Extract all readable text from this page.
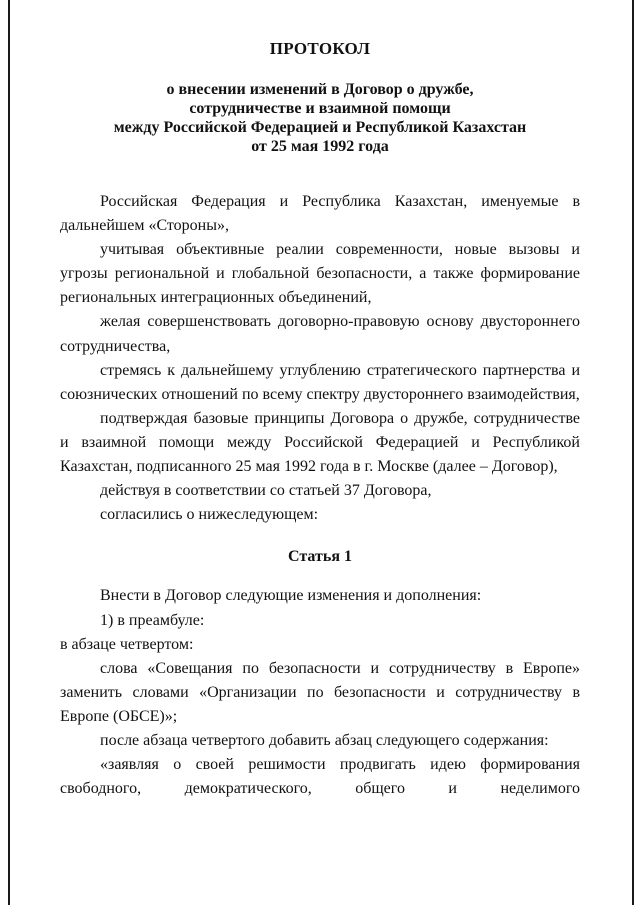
ПРОТОКОЛ
о внесении изменений в Договор о дружбе,
сотрудничестве и взаимной помощи
между Российской Федерацией и Республикой Казахстан
от 25 мая 1992 года

Российская Федерация и Республика Казахстан, именуемые в дальнейшем «Стороны»,

учитывая объективные реалии современности, новые вызовы и угрозы региональной и глобальной безопасности, а также формирование региональных интеграционных объединений,

желая совершенствовать договорно-правовую основу двустороннего сотрудничества,

стремясь к дальнейшему углублению стратегического партнерства и союзнических отношений по всему спектру двустороннего взаимодействия,

подтверждая базовые принципы Договора о дружбе, сотрудничестве и взаимной помощи между Российской Федерацией и Республикой Казахстан, подписанного 25 мая 1992 года в г. Москве (далее – Договор),

действуя в соответствии со статьей 37 Договора,

согласились о нижеследующем:

Статья 1

Внести в Договор следующие изменения и дополнения:

1) в преамбуле:

в абзаце четвертом:

слова «Совещания по безопасности и сотрудничеству в Европе» заменить словами «Организации по безопасности и сотрудничеству в Европе (ОБСЕ)»;

после абзаца четвертого добавить абзац следующего содержания:

«заявляя о своей решимости продвигать идею формирования свободного, демократического, общего и неделимого
